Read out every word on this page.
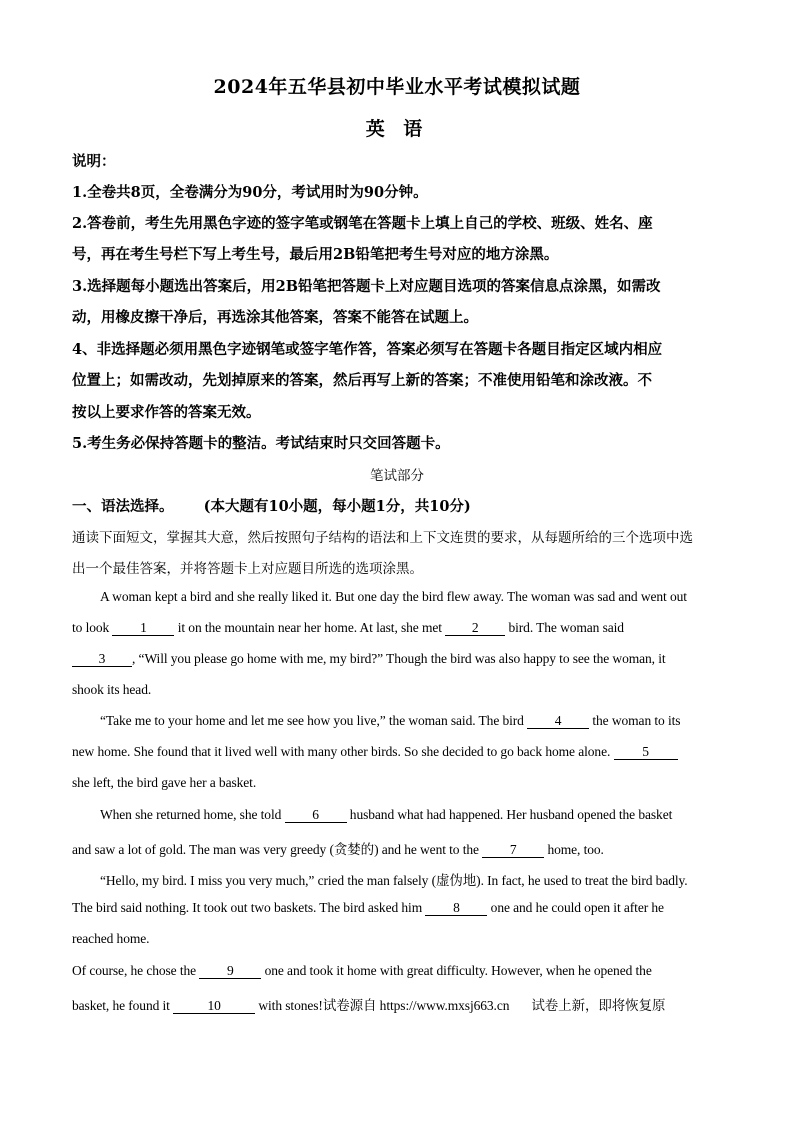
2024年五华县初中毕业水平考试模拟试题
英 语
说明：
1.全卷共8页，全卷满分为90分，考试用时为90分钟。
2.答卷前，考生先用黑色字迹的签字笔或钢笔在答题卡上填上自己的学校、班级、姓名、座
号，再在考生号栏下写上考生号，最后用2B铅笔把考生号对应的地方涂黑。
3.选择题每小题选出答案后，用2B铅笔把答题卡上对应题目选项的答案信息点涂黑，如需改
动，用橡皮擦干净后，再选涂其他答案，答案不能答在试题上。
4、非选择题必须用黑色字迹钢笔或签字笔作答，答案必须写在答题卡各题目指定区域内相应
位置上；如需改动，先划掉原来的答案，然后再写上新的答案；不准使用铅笔和涂改液。不
按以上要求作答的答案无效。
5.考生务必保持答题卡的整洁。考试结束时只交回答题卡。
笔试部分
一、语法选择。 (本大题有10小题，每小题1分，共10分)
通读下面短文，掌握其大意，然后按照句子结构的语法和上下文连贯的要求，从每题所给的三个选项中选
出一个最佳答案，并将答题卡上对应题目所选的选项涂黑。
A woman kept a bird and she really liked it. But one day the bird flew away. The woman was sad and went out
to look 1 it on the mountain near her home. At last, she met 2 bird. The woman said
3 , “Will you please go home with me, my bird?” Though the bird was also happy to see the woman, it
shook its head.
“Take me to your home and let me see how you live,” the woman said. The bird 4 the woman to its
new home. She found that it lived well with many other birds. So she decided to go back home alone. 5
she left, the bird gave her a basket.
When she returned home, she told 6 husband what had happened. Her husband opened the basket
and saw a lot of gold. The man was very greedy (贪婪的) and he went to the 7 home, too.
“Hello, my bird. I miss you very much,” cried the man falsely (虚伪地). In fact, he used to treat the bird badly.
The bird said nothing. It took out two baskets. The bird asked him 8 one and he could open it after he
reached home.
Of course, he chose the 9 one and took it home with great difficulty. However, when he opened the
basket, he found it	10	with stones!试卷源自 https://www.mxsj663.cn 试卷上新，即将恢复原
